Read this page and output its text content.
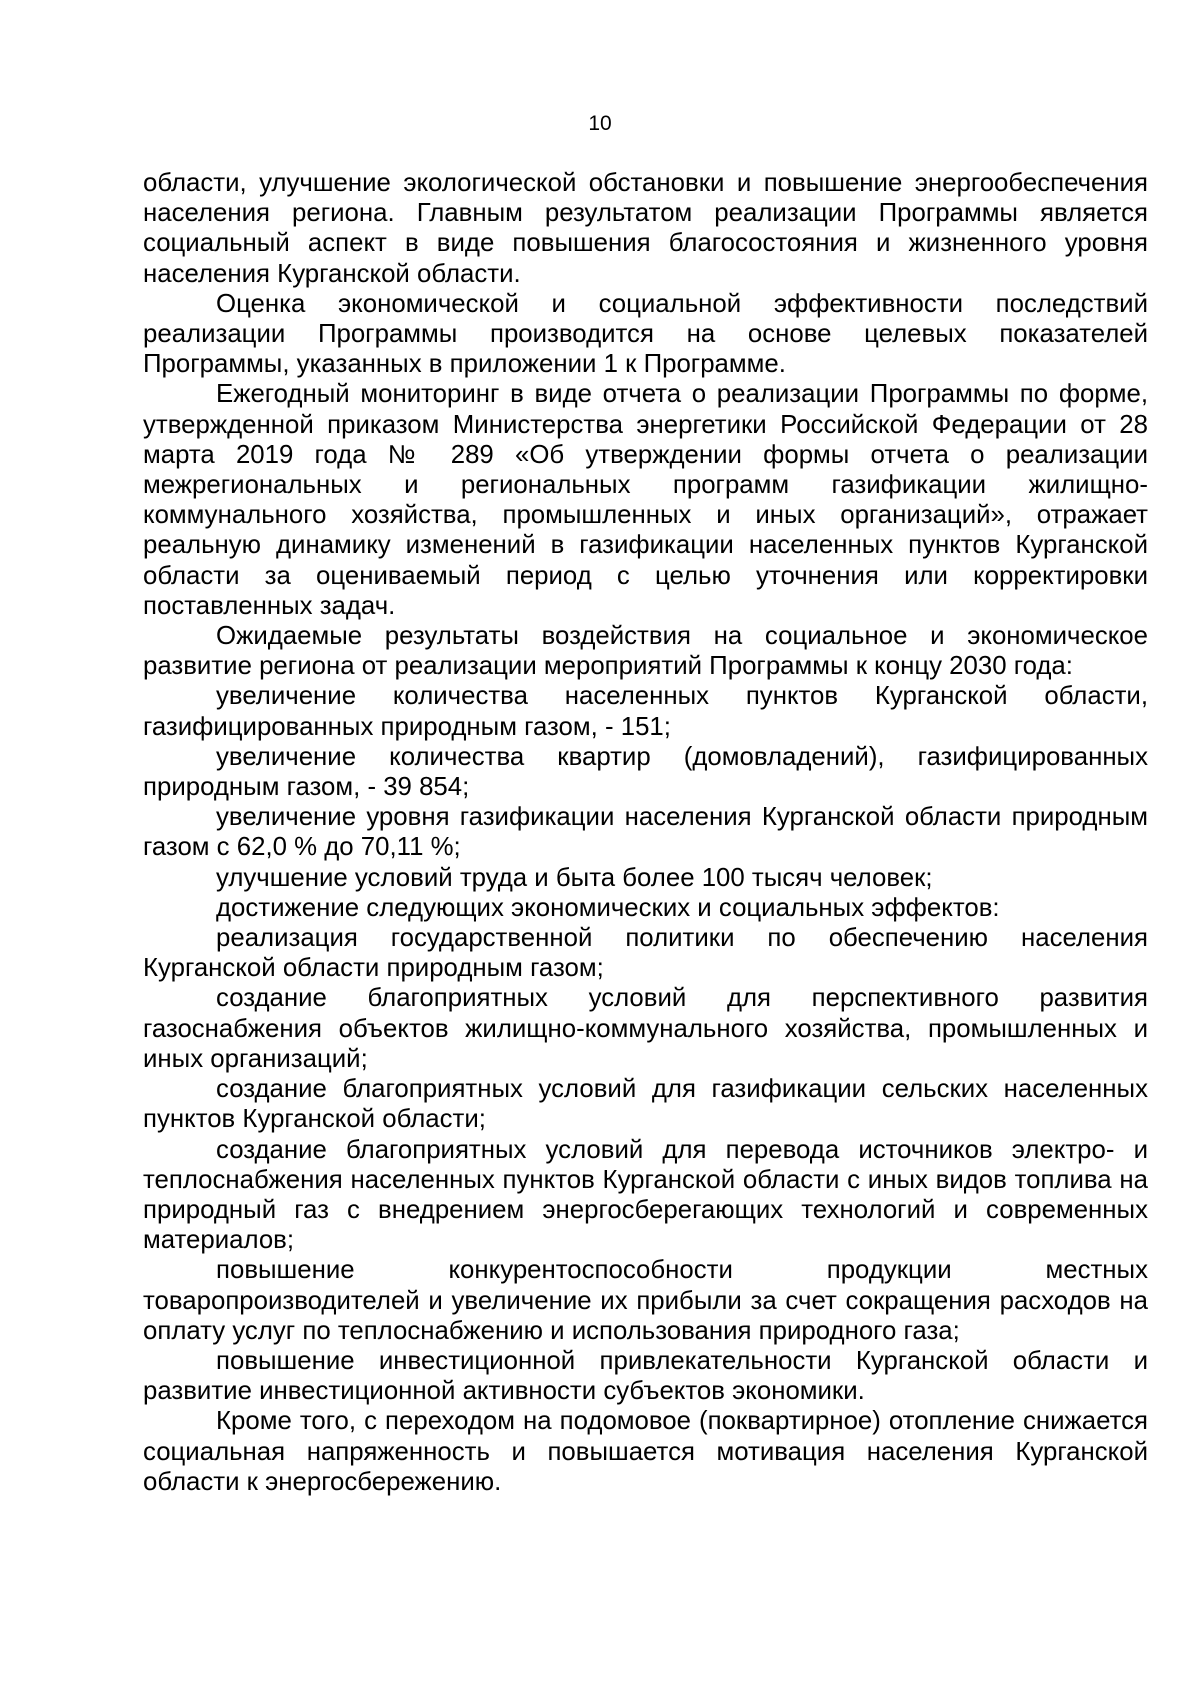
10

области, улучшение экологической обстановки и повышение энергообеспечения населения региона. Главным результатом реализации Программы является социальный аспект в виде повышения благосостояния и жизненного уровня населения Курганской области.

Оценка экономической и социальной эффективности последствий реализации Программы производится на основе целевых показателей Программы, указанных в приложении 1 к Программе.

Ежегодный мониторинг в виде отчета о реализации Программы по форме, утвержденной приказом Министерства энергетики Российской Федерации от 28 марта 2019 года № 289 «Об утверждении формы отчета о реализации межрегиональных и региональных программ газификации жилищно-коммунального хозяйства, промышленных и иных организаций», отражает реальную динамику изменений в газификации населенных пунктов Курганской области за оцениваемый период с целью уточнения или корректировки поставленных задач.

Ожидаемые результаты воздействия на социальное и экономическое развитие региона от реализации мероприятий Программы к концу 2030 года:

увеличение количества населенных пунктов Курганской области, газифицированных природным газом, - 151;

увеличение количества квартир (домовладений), газифицированных природным газом, - 39 854;

увеличение уровня газификации населения Курганской области природным газом с 62,0 % до 70,11 %;

улучшение условий труда и быта более 100 тысяч человек;

достижение следующих экономических и социальных эффектов:

реализация государственной политики по обеспечению населения Курганской области природным газом;

создание благоприятных условий для перспективного развития газоснабжения объектов жилищно-коммунального хозяйства, промышленных и иных организаций;

создание благоприятных условий для газификации сельских населенных пунктов Курганской области;

создание благоприятных условий для перевода источников электро- и теплоснабжения населенных пунктов Курганской области с иных видов топлива на природный газ с внедрением энергосберегающих технологий и современных материалов;

повышение конкурентоспособности продукции местных товаропроизводителей и увеличение их прибыли за счет сокращения расходов на оплату услуг по теплоснабжению и использования природного газа;

повышение инвестиционной привлекательности Курганской области и развитие инвестиционной активности субъектов экономики.

Кроме того, с переходом на подомовое (поквартирное) отопление снижается социальная напряженность и повышается мотивация населения Курганской области к энергосбережению.
